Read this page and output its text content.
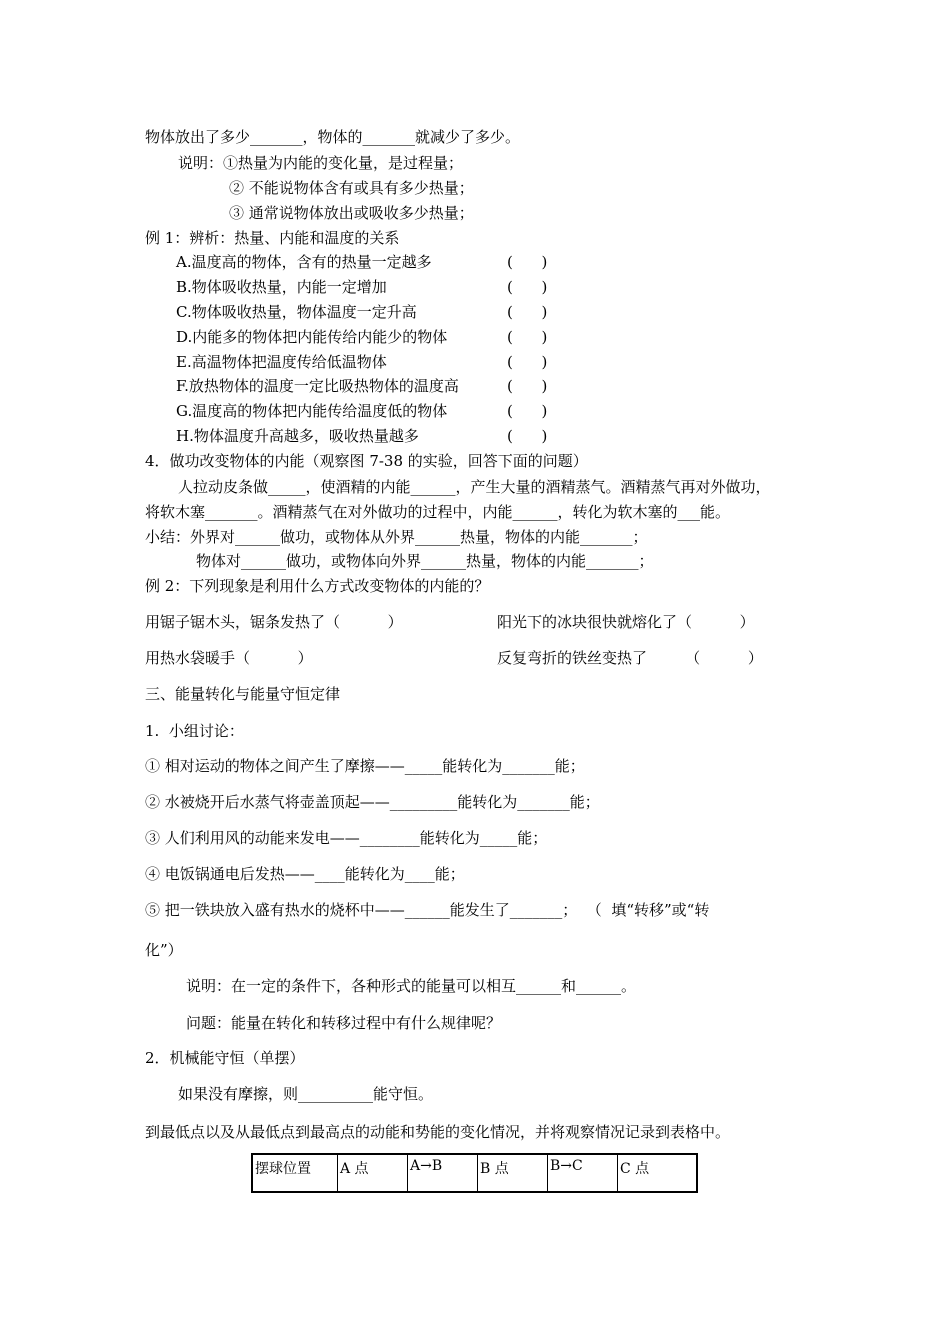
物体放出了多少_______，物体的_______就减少了多少。
说明：①热量为内能的变化量，是过程量；
② 不能说物体含有或具有多少热量；
③ 通常说物体放出或吸收多少热量；
例 1：辨析：热量、内能和温度的关系
A.温度高的物体，含有的热量一定越多	(      )
B.物体吸收热量，内能一定增加	(      )
C.物体吸收热量，物体温度一定升高	(      )
D.内能多的物体把内能传给内能少的物体	(      )
E.高温物体把温度传给低温物体	(      )
F.放热物体的温度一定比吸热物体的温度高	(      )
G.温度高的物体把内能传给温度低的物体	(      )
H.物体温度升高越多，吸收热量越多	(      )
4．做功改变物体的内能（观察图 7-38 的实验，回答下面的问题）
人拉动皮条做_____，使酒精的内能______，产生大量的酒精蒸气。酒精蒸气再对外做功，
将软木塞_______。酒精蒸气在对外做功的过程中，内能______，转化为软木塞的___能。
小结：外界对______做功，或物体从外界______热量，物体的内能_______；
物体对______做功，或物体向外界______热量，物体的内能_______；
例 2：下列现象是利用什么方式改变物体的内能的？
用锯子锯木头，锯条发热了（          ）	阳光下的冰块很快就熔化了（          ）
用热水袋暖手（          ）	反复弯折的铁丝变热了        （          ）
三、能量转化与能量守恒定律
1.  小组讨论：
① 相对运动的物体之间产生了摩擦——_____能转化为_______能；
② 水被烧开后水蒸气将壶盖顶起——_________能转化为_______能；
③ 人们利用风的动能来发电——________能转化为_____能；
④ 电饭锅通电后发热——____能转化为____能；
⑤ 把一铁块放入盛有热水的烧杯中——______能发生了_______；  （  填“转移”或“转
化”）
说明：在一定的条件下，各种形式的能量可以相互______和______。
问题：能量在转化和转移过程中有什么规律呢？
2．机械能守恒（单摆）
如果没有摩擦，则__________能守恒。
到最低点以及从最低点到最高点的动能和势能的变化情况，并将观察情况记录到表格中。
摆球位置	A 点	A→B	B 点	B→C	C 点
